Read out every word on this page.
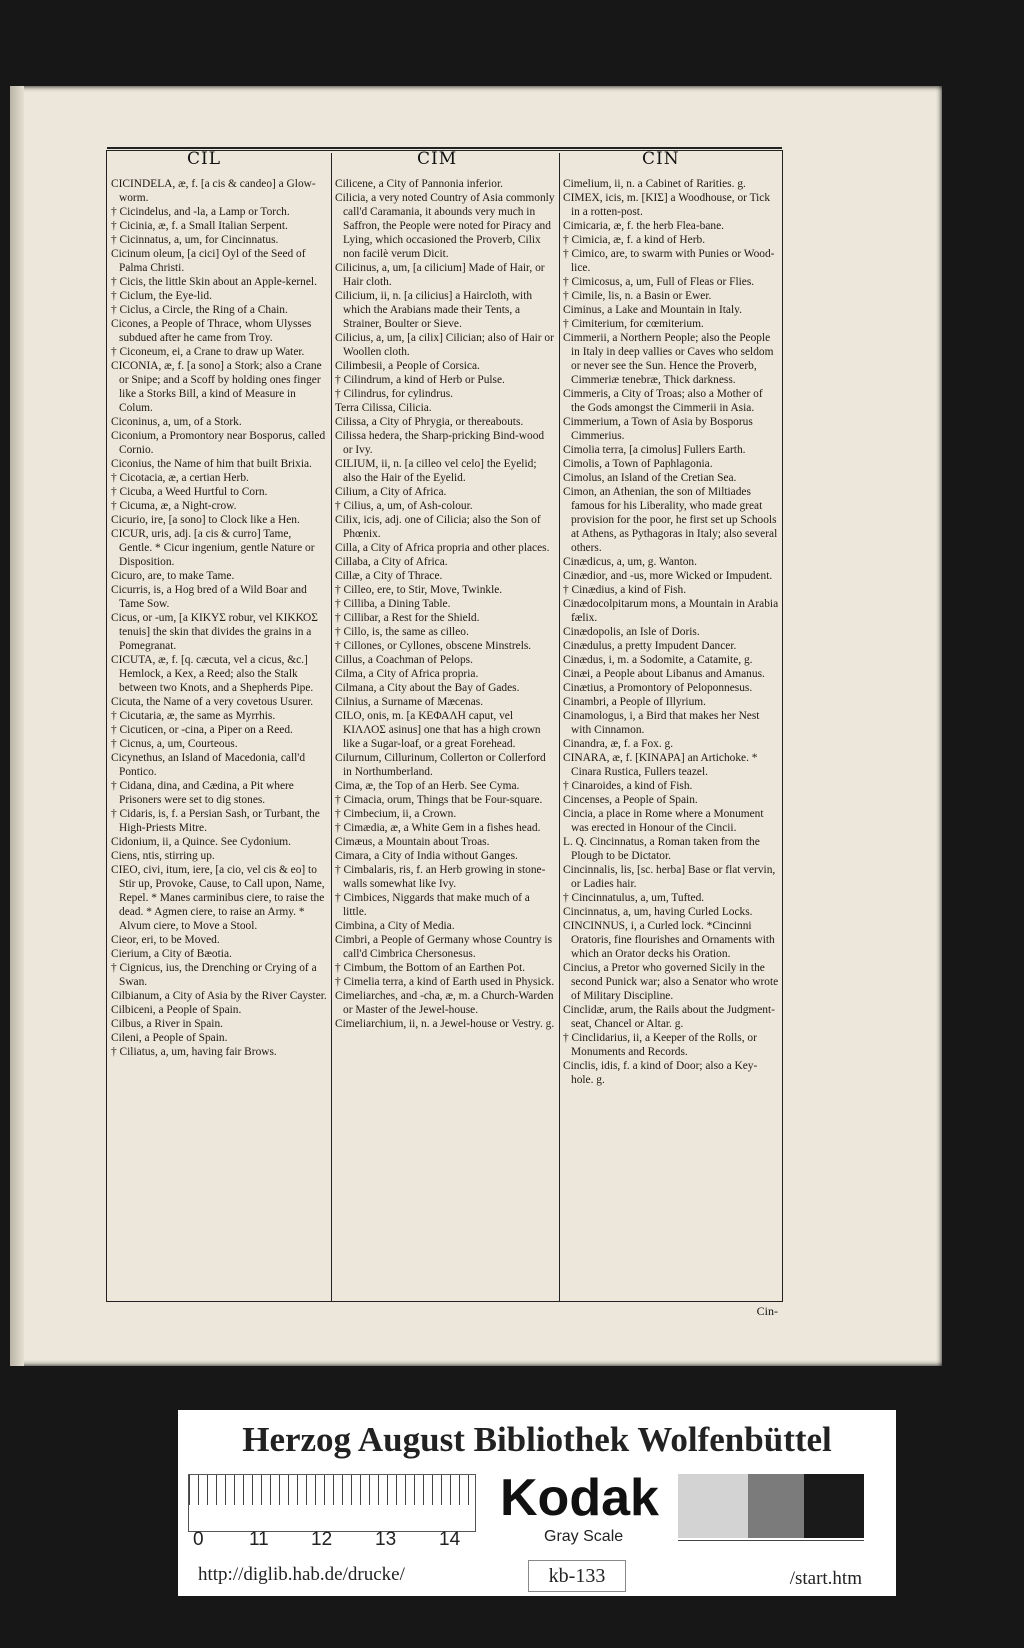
CIL	CIM	CIN
CICINDELA, æ, f. [a cis & candeo] a Glow-worm.
† Cicindelus, and -la, a Lamp or Torch.
† Cicinia, æ, f. a Small Italian Serpent.
† Cicinnatus, a, um, for Cincinnatus.
Cicinum oleum, [a cici] Oyl of the Seed of Palma Christi.
† Cicis, the little Skin about an Apple-kernel.
† Ciclum, the Eye-lid.
† Ciclus, a Circle, the Ring of a Chain.
Cicones, a People of Thrace, whom Ulysses subdued after he came from Troy.
† Ciconeum, ei, a Crane to draw up Water.
CICONIA, æ, f. [a sono] a Stork; also a Crane or Snipe; and a Scoff by holding ones finger like a Storks Bill, a kind of Measure in Colum.
Ciconinus, a, um, of a Stork.
Ciconium, a Promontory near Bosporus, called Cornio.
Ciconius, the Name of him that built Brixia.
† Cicotacia, æ, a certian Herb.
† Cicuba, a Weed Hurtful to Corn.
† Cicuma, æ, a Night-crow.
Cicurio, ire, [a sono] to Clock like a Hen.
CICUR, uris, adj. [a cis & curro] Tame, Gentle. * Cicur ingenium, gentle Nature or Disposition.
Cicuro, are, to make Tame.
Cicurris, is, a Hog bred of a Wild Boar and Tame Sow.
Cicus, or -um, [a ΚΙΚΥΣ robur, vel ΚΙΚΚΟΣ tenuis] the skin that divides the grains in a Pomegranat.
CICUTA, æ, f. [q. cæcuta, vel a cicus, &c.] Hemlock, a Kex, a Reed; also the Stalk between two Knots, and a Shepherds Pipe.
Cicuta, the Name of a very covetous Usurer.
† Cicutaria, æ, the same as Myrrhis.
† Cicuticen, or -cina, a Piper on a Reed.
† Cicnus, a, um, Courteous.
Cicynethus, an Island of Macedonia, call'd Pontico.
† Cidana, dina, and Cædina, a Pit where Prisoners were set to dig stones.
† Cidaris, is, f. a Persian Sash, or Turbant, the High-Priests Mitre.
Cidonium, ii, a Quince. See Cydonium.
Ciens, ntis, stirring up.
CIEO, civi, itum, iere, [a cio, vel cis & eo] to Stir up, Provoke, Cause, to Call upon, Name, Repel. * Manes carminibus ciere, to raise the dead. * Agmen ciere, to raise an Army. * Alvum ciere, to Move a Stool.
Cieor, eri, to be Moved.
Cierium, a City of Bæotia.
† Cignicus, ius, the Drenching or Crying of a Swan.
Cilbianum, a City of Asia by the River Cayster.
Cilbiceni, a People of Spain.
Cilbus, a River in Spain.
Cileni, a People of Spain.
† Ciliatus, a, um, having fair Brows.
Cilicene, a City of Pannonia inferior.
Cilicia, a very noted Country of Asia commonly call'd Caramania, it abounds very much in Saffron, the People were noted for Piracy and Lying, which occasioned the Proverb, Cilix non facilè verum Dicit.
Cilicinus, a, um, [a cilicium] Made of Hair, or Hair cloth.
Cilicium, ii, n. [a cilicius] a Haircloth, with which the Arabians made their Tents, a Strainer, Boulter or Sieve.
Cilicius, a, um, [a cilix] Cilician; also of Hair or Woollen cloth.
Cilimbesii, a People of Corsica.
† Cilindrum, a kind of Herb or Pulse.
† Cilindrus, for cylindrus.
Terra Cilissa, Cilicia.
Cilissa, a City of Phrygia, or thereabouts.
Cilissa hedera, the Sharp-pricking Bind-wood or Ivy.
CILIUM, ii, n. [a cilleo vel celo] the Eyelid; also the Hair of the Eyelid.
Cilium, a City of Africa.
† Cilius, a, um, of Ash-colour.
Cilix, icis, adj. one of Cilicia; also the Son of Phœnix.
Cilla, a City of Africa propria and other places.
Cillaba, a City of Africa.
Cillæ, a City of Thrace.
† Cilleo, ere, to Stir, Move, Twinkle.
† Cilliba, a Dining Table.
† Cillibar, a Rest for the Shield.
† Cillo, is, the same as cilleo.
† Cillones, or Cyllones, obscene Minstrels.
Cillus, a Coachman of Pelops.
Cilma, a City of Africa propria.
Cilmana, a City about the Bay of Gades.
Cilnius, a Surname of Mæcenas.
CILO, onis, m. [a ΚΕΦΑΛΗ caput, vel ΚΙΛΛΟΣ asinus] one that has a high crown like a Sugar-loaf, or a great Forehead.
Cilurnum, Cillurinum, Collerton or Collerford in Northumberland.
Cima, æ, the Top of an Herb. See Cyma.
† Cimacia, orum, Things that be Four-square.
† Cimbecium, ii, a Crown.
† Cimædia, æ, a White Gem in a fishes head.
Cimæus, a Mountain about Troas.
Cimara, a City of India without Ganges.
† Cimbalaris, ris, f. an Herb growing in stone-walls somewhat like Ivy.
† Cimbices, Niggards that make much of a little.
Cimbina, a City of Media.
Cimbri, a People of Germany whose Country is call'd Cimbrica Chersonesus.
† Cimbum, the Bottom of an Earthen Pot.
† Cimelia terra, a kind of Earth used in Physick.
Cimeliarches, and -cha, æ, m. a Church-Warden or Master of the Jewel-house.
Cimeliarchium, ii, n. a Jewel-house or Vestry. g.
Cimelium, ii, n. a Cabinet of Rarities. g.
CIMEX, icis, m. [ΚΙΣ] a Woodhouse, or Tick in a rotten-post.
Cimicaria, æ, f. the herb Flea-bane.
† Cimicia, æ, f. a kind of Herb.
† Cimico, are, to swarm with Punies or Wood-lice.
† Cimicosus, a, um, Full of Fleas or Flies.
† Cimile, lis, n. a Basin or Ewer.
Ciminus, a Lake and Mountain in Italy.
† Cimiterium, for cœmiterium.
Cimmerii, a Northern People; also the People in Italy in deep vallies or Caves who seldom or never see the Sun. Hence the Proverb, Cimmeriæ tenebræ, Thick darkness.
Cimmeris, a City of Troas; also a Mother of the Gods amongst the Cimmerii in Asia.
Cimmerium, a Town of Asia by Bosporus Cimmerius.
Cimolia terra, [a cimolus] Fullers Earth.
Cimolis, a Town of Paphlagonia.
Cimolus, an Island of the Cretian Sea.
Cimon, an Athenian, the son of Miltiades famous for his Liberality, who made great provision for the poor, he first set up Schools at Athens, as Pythagoras in Italy; also several others.
Cinædicus, a, um, g. Wanton.
Cinædior, and -us, more Wicked or Impudent.
† Cinædius, a kind of Fish.
Cinædocolpitarum mons, a Mountain in Arabia fælix.
Cinædopolis, an Isle of Doris.
Cinædulus, a pretty Impudent Dancer.
Cinædus, i, m. a Sodomite, a Catamite, g.
Cinæi, a People about Libanus and Amanus.
Cinætius, a Promontory of Peloponnesus.
Cinambri, a People of Illyrium.
Cinamologus, i, a Bird that makes her Nest with Cinnamon.
Cinandra, æ, f. a Fox. g.
CINARA, æ, f. [ΚΙΝΑΡΑ] an Artichoke. * Cinara Rustica, Fullers teazel.
† Cinaroides, a kind of Fish.
Cincenses, a People of Spain.
Cincia, a place in Rome where a Monument was erected in Honour of the Cincii.
L. Q. Cincinnatus, a Roman taken from the Plough to be Dictator.
Cincinnalis, lis, [sc. herba] Base or flat vervin, or Ladies hair.
† Cincinnatulus, a, um, Tufted.
Cincinnatus, a, um, having Curled Locks.
CINCINNUS, i, a Curled lock. *Cincinni Oratoris, fine flourishes and Ornaments with which an Orator decks his Oration.
Cincius, a Pretor who governed Sicily in the second Punick war; also a Senator who wrote of Military Discipline.
Cinclidæ, arum, the Rails about the Judgment-seat, Chancel or Altar. g.
† Cinclidarius, ii, a Keeper of the Rolls, or Monuments and Records.
Cinclis, idis, f. a kind of Door; also a Key-hole. g.
Cin-
Herzog August Bibliothek Wolfenbüttel
0 11 12 13 14
Kodak
Gray Scale
kb-133
http://diglib.hab.de/drucke/	/start.htm
